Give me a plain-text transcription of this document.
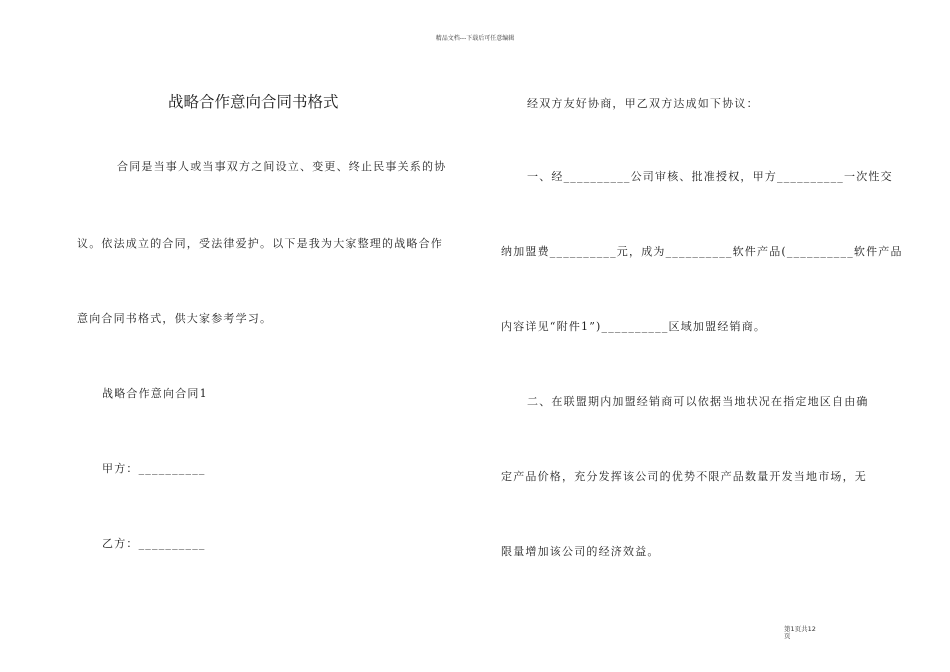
精品文档---下载后可任意编辑
战略合作意向合同书格式
合同是当事人或当事双方之间设立、变更、终止民事关系的协
议。依法成立的合同，受法律爱护。以下是我为大家整理的战略合作
意向合同书格式，供大家参考学习。
战略合作意向合同1
甲方：__________
乙方：__________
经双方友好协商，甲乙双方达成如下协议：
一、经__________公司审核、批准授权，甲方__________一次性交
纳加盟费__________元，成为__________软件产品(__________软件产品
内容详见“附件1”)__________区域加盟经销商。
二、在联盟期内加盟经销商可以依据当地状况在指定地区自由确
定产品价格，充分发挥该公司的优势不限产品数量开发当地市场，无
限量增加该公司的经济效益。
第1页共12
页
